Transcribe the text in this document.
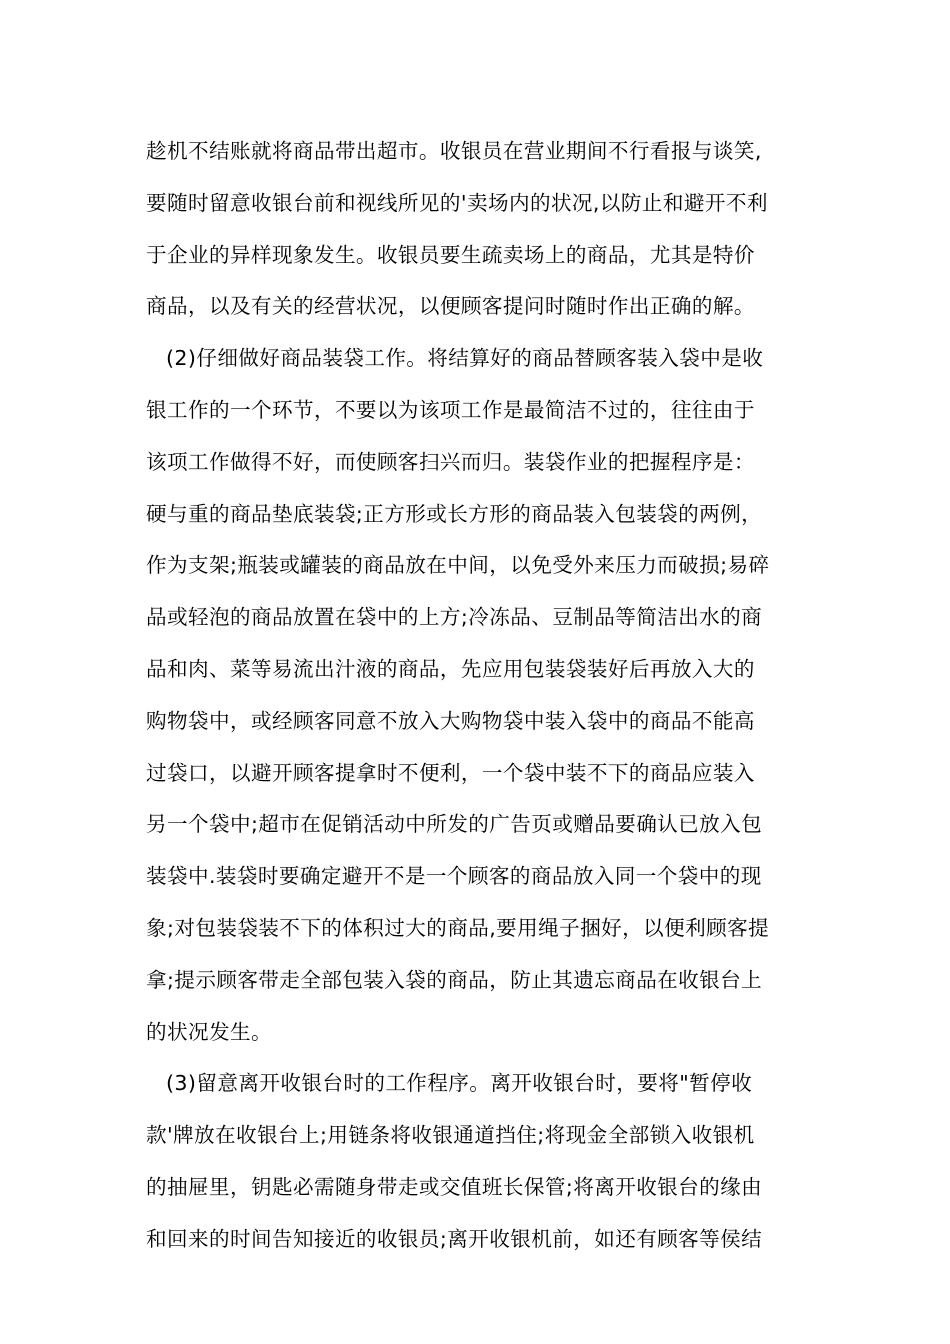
趁机不结账就将商品带出超市。收银员在营业期间不行看报与谈笑,
要随时留意收银台前和视线所见的'卖场内的状况,以防止和避开不利
于企业的异样现象发生。收银员要生疏卖场上的商品，尤其是特价
商品，以及有关的经营状况，以便顾客提问时随时作出正确的解。
(2)仔细做好商品装袋工作。将结算好的商品替顾客装入袋中是收
银工作的一个环节，不要以为该项工作是最简洁不过的，往往由于
该项工作做得不好，而使顾客扫兴而归。装袋作业的把握程序是：
硬与重的商品垫底装袋;正方形或长方形的商品装入包装袋的两例，
作为支架;瓶装或罐装的商品放在中间，以免受外来压力而破损;易碎
品或轻泡的商品放置在袋中的上方;冷冻品、豆制品等简洁出水的商
品和肉、菜等易流出汁液的商品，先应用包装袋装好后再放入大的
购物袋中，或经顾客同意不放入大购物袋中装入袋中的商品不能高
过袋口，以避开顾客提拿时不便利，一个袋中装不下的商品应装入
另一个袋中;超市在促销活动中所发的广告页或赠品要确认已放入包
装袋中.装袋时要确定避开不是一个顾客的商品放入同一个袋中的现
象;对包装袋装不下的体积过大的商品,要用绳子捆好，以便利顾客提
拿;提示顾客带走全部包装入袋的商品，防止其遗忘商品在收银台上
的状况发生。
(3)留意离开收银台时的工作程序。离开收银台时，要将"暂停收
款'牌放在收银台上;用链条将收银通道挡住;将现金全部锁入收银机
的抽屉里，钥匙必需随身带走或交值班长保管;将离开收银台的缘由
和回来的时间告知接近的收银员;离开收银机前，如还有顾客等侯结
